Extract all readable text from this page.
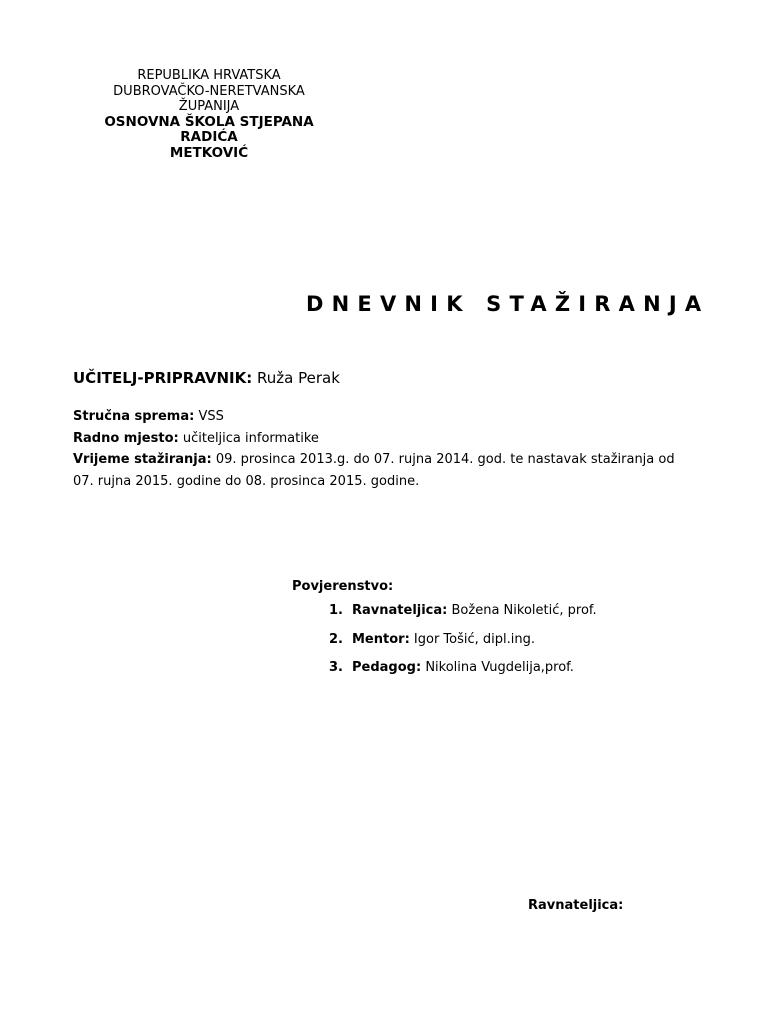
REPUBLIKA HRVATSKA
DUBROVAČKO-NERETVANSKA
ŽUPANIJA
OSNOVNA ŠKOLA STJEPANA
RADIĆA
METKOVIĆ
DNEVNIK STAŽIRANJA
UČITELJ-PRIPRAVNIK: Ruža Perak

Stručna sprema: VSS

Radno mjesto: učiteljica informatike

Vrijeme stažiranja: 09. prosinca 2013.g. do 07. rujna 2014. god. te nastavak stažiranja od 07. rujna 2015. godine do 08. prosinca 2015. godine.

Povjerenstvo:
1. Ravnateljica: Božena Nikoletić, prof.
2. Mentor: Igor Tošić, dipl.ing.
3. Pedagog: Nikolina Vugdelija,prof.
Ravnateljica:
